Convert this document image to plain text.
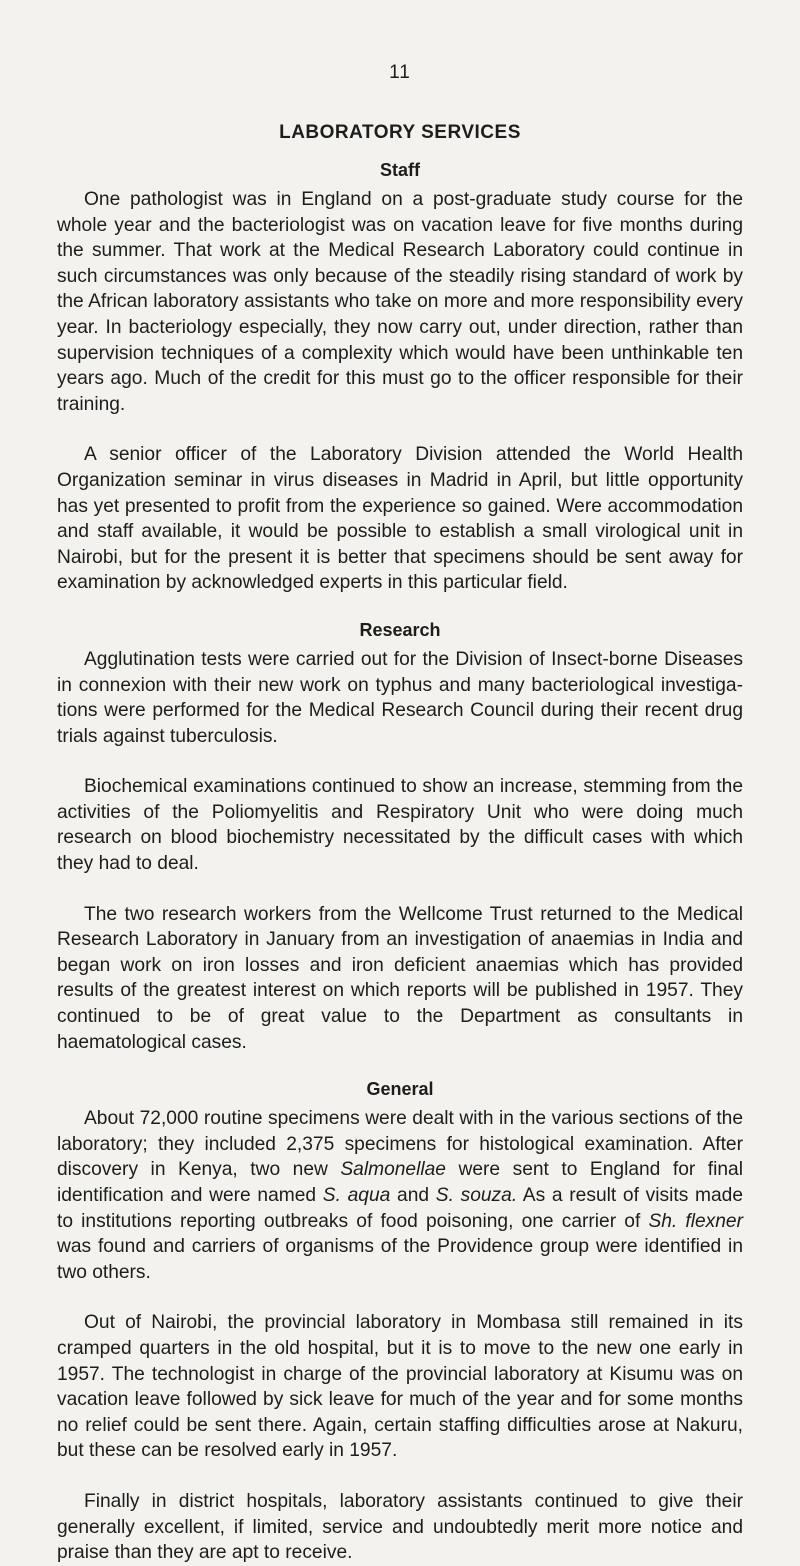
11
LABORATORY SERVICES
Staff

One pathologist was in England on a post-graduate study course for the whole year and the bacteriologist was on vacation leave for five months during the summer. That work at the Medical Research Laboratory could continue in such circumstances was only because of the steadily rising standard of work by the African laboratory assistants who take on more and more responsibility every year. In bacteriology especially, they now carry out, under direction, rather than supervision techniques of a complexity which would have been unthinkable ten years ago. Much of the credit for this must go to the officer responsible for their training.

A senior officer of the Laboratory Division attended the World Health Organization seminar in virus diseases in Madrid in April, but little opportunity has yet presented to profit from the experience so gained. Were accommodation and staff available, it would be possible to establish a small virological unit in Nairobi, but for the present it is better that specimens should be sent away for examination by acknowledged experts in this particular field.

Research

Agglutination tests were carried out for the Division of Insect-borne Diseases in connexion with their new work on typhus and many bacteriological investigations were performed for the Medical Research Council during their recent drug trials against tuberculosis.

Biochemical examinations continued to show an increase, stemming from the activities of the Poliomyelitis and Respiratory Unit who were doing much research on blood biochemistry necessitated by the difficult cases with which they had to deal.

The two research workers from the Wellcome Trust returned to the Medical Research Laboratory in January from an investigation of anaemias in India and began work on iron losses and iron deficient anaemias which has provided results of the greatest interest on which reports will be published in 1957. They continued to be of great value to the Department as consultants in haematological cases.

General

About 72,000 routine specimens were dealt with in the various sections of the laboratory; they included 2,375 specimens for histological examination. After discovery in Kenya, two new Salmonellae were sent to England for final identification and were named S. aqua and S. souza. As a result of visits made to institutions reporting outbreaks of food poisoning, one carrier of Sh. flexner was found and carriers of organisms of the Providence group were identified in two others.

Out of Nairobi, the provincial laboratory in Mombasa still remained in its cramped quarters in the old hospital, but it is to move to the new one early in 1957. The technologist in charge of the provincial laboratory at Kisumu was on vacation leave followed by sick leave for much of the year and for some months no relief could be sent there. Again, certain staffing difficulties arose at Nakuru, but these can be resolved early in 1957.

Finally in district hospitals, laboratory assistants continued to give their generally excellent, if limited, service and undoubtedly merit more notice and praise than they are apt to receive.
